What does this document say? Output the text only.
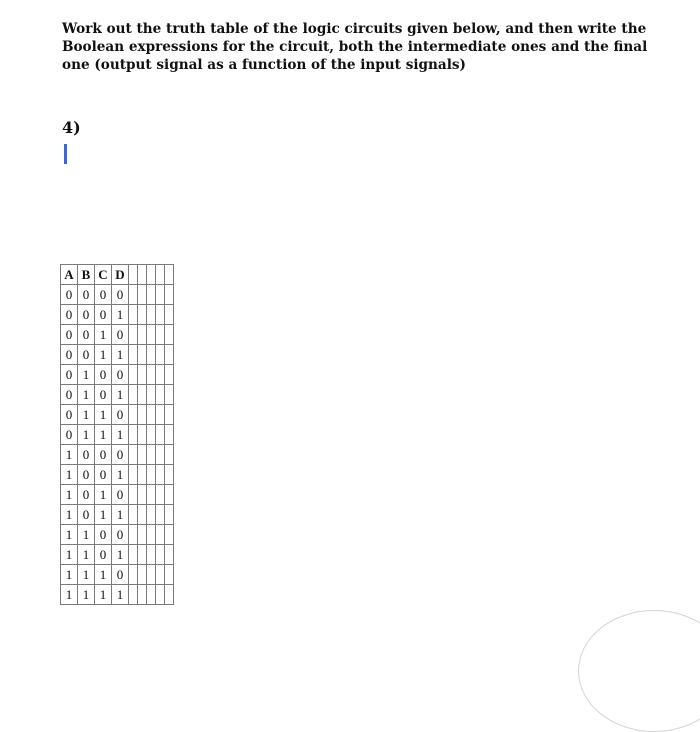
Work out the truth table of the logic circuits given below, and then write the
Boolean expressions for the circuit, both the intermediate ones and the final
one (output signal as a function of the input signals)
4)
A	B	C	D					
0	0	0	0					
0	0	0	1					
0	0	1	0					
0	0	1	1					
0	1	0	0					
0	1	0	1					
0	1	1	0					
0	1	1	1					
1	0	0	0					
1	0	0	1					
1	0	1	0					
1	0	1	1					
1	1	0	0					
1	1	0	1					
1	1	1	0					
1	1	1	1					
